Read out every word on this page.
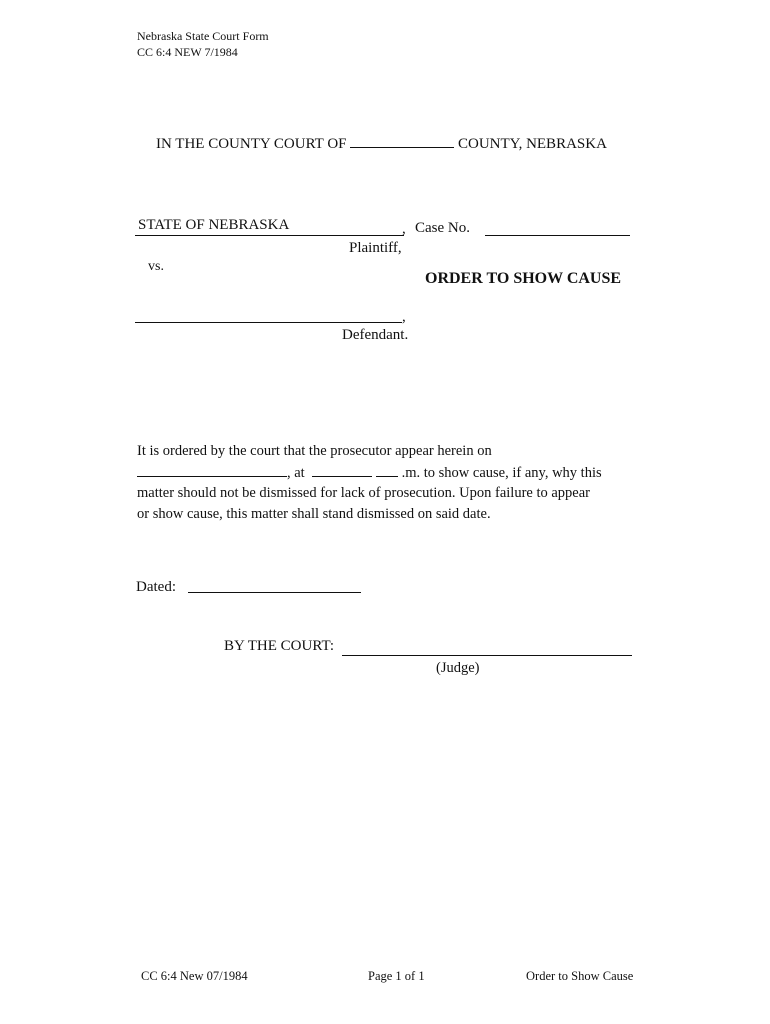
Nebraska State Court Form
CC 6:4 NEW 7/1984
IN THE COUNTY COURT OF	COUNTY, NEBRASKA
STATE OF NEBRASKA	, Case No.
Plaintiff,
vs.
ORDER TO SHOW CAUSE
,
Defendant.
It is ordered by the court that the prosecutor appear herein on
, at	.m. to show cause, if any, why this
matter should not be dismissed for lack of prosecution. Upon failure to appear
or show cause, this matter shall stand dismissed on said date.
Dated:
BY THE COURT:
(Judge)
CC 6:4 New 07/1984	Page 1 of 1	Order to Show Cause
